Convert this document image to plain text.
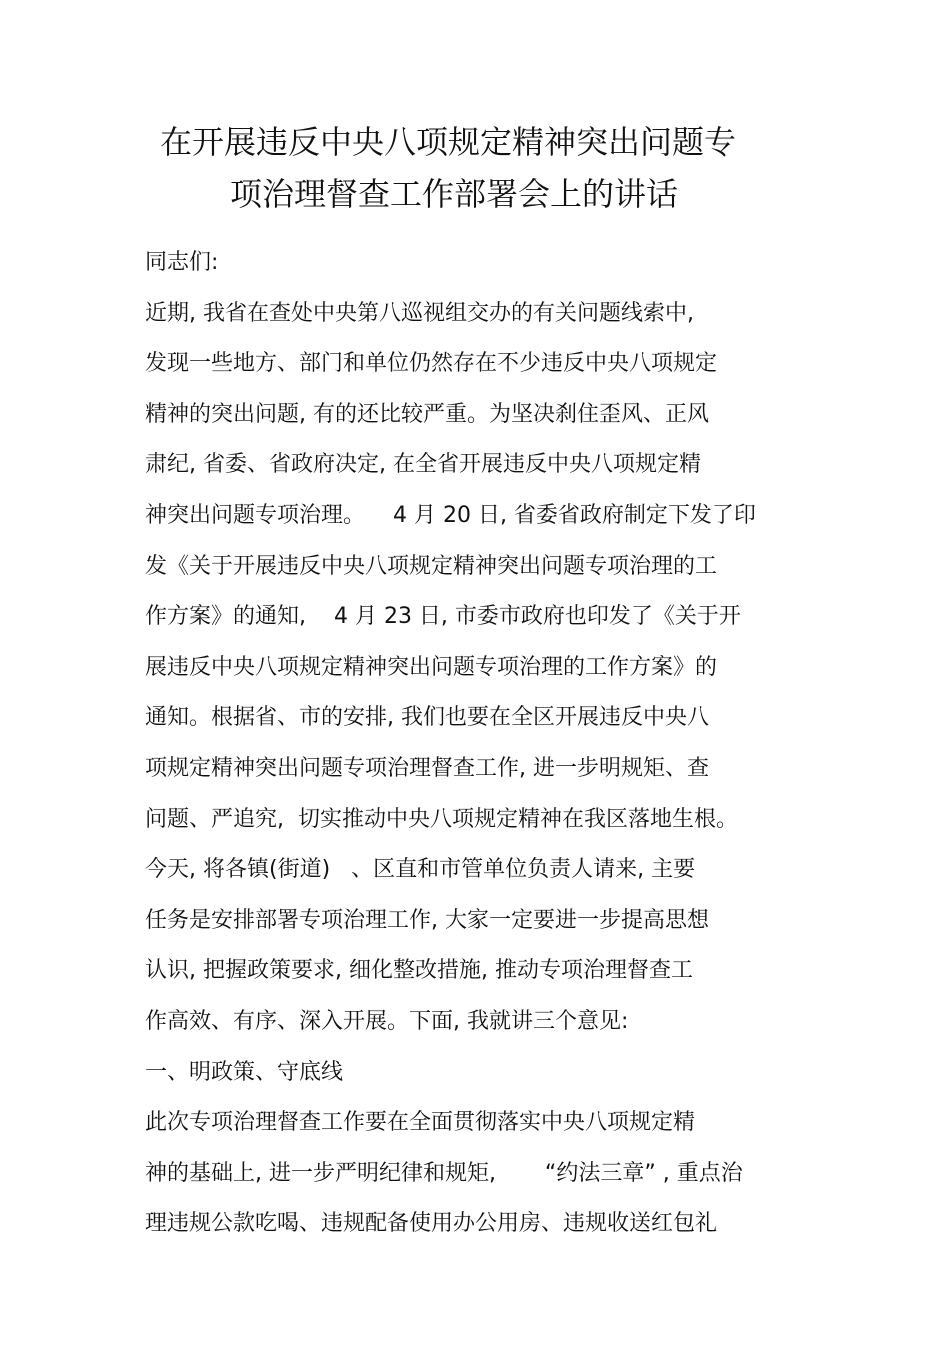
在开展违反中央八项规定精神突出问题专
项治理督查工作部署会上的讲话
同志们:
近期, 我省在查处中央第八巡视组交办的有关问题线索中,
发现一些地方、部门和单位仍然存在不少违反中央八项规定
精神的突出问题, 有的还比较严重。为坚决刹住歪风、正风
肃纪, 省委、省政府决定, 在全省开展违反中央八项规定精
神突出问题专项治理。    4 月 20 日, 省委省政府制定下发了印
发《关于开展违反中央八项规定精神突出问题专项治理的工
作方案》的通知,    4 月 23 日, 市委市政府也印发了《关于开
展违反中央八项规定精神突出问题专项治理的工作方案》的
通知。根据省、市的安排, 我们也要在全区开展违反中央八
项规定精神突出问题专项治理督查工作, 进一步明规矩、查
问题、严追究,  切实推动中央八项规定精神在我区落地生根。
今天, 将各镇(街道)   、区直和市管单位负责人请来, 主要
任务是安排部署专项治理工作, 大家一定要进一步提高思想
认识, 把握政策要求, 细化整改措施, 推动专项治理督查工
作高效、有序、深入开展。下面, 我就讲三个意见:
一、明政策、守底线
此次专项治理督查工作要在全面贯彻落实中央八项规定精
神的基础上, 进一步严明纪律和规矩,       “约法三章” , 重点治
理违规公款吃喝、违规配备使用办公用房、违规收送红包礼
